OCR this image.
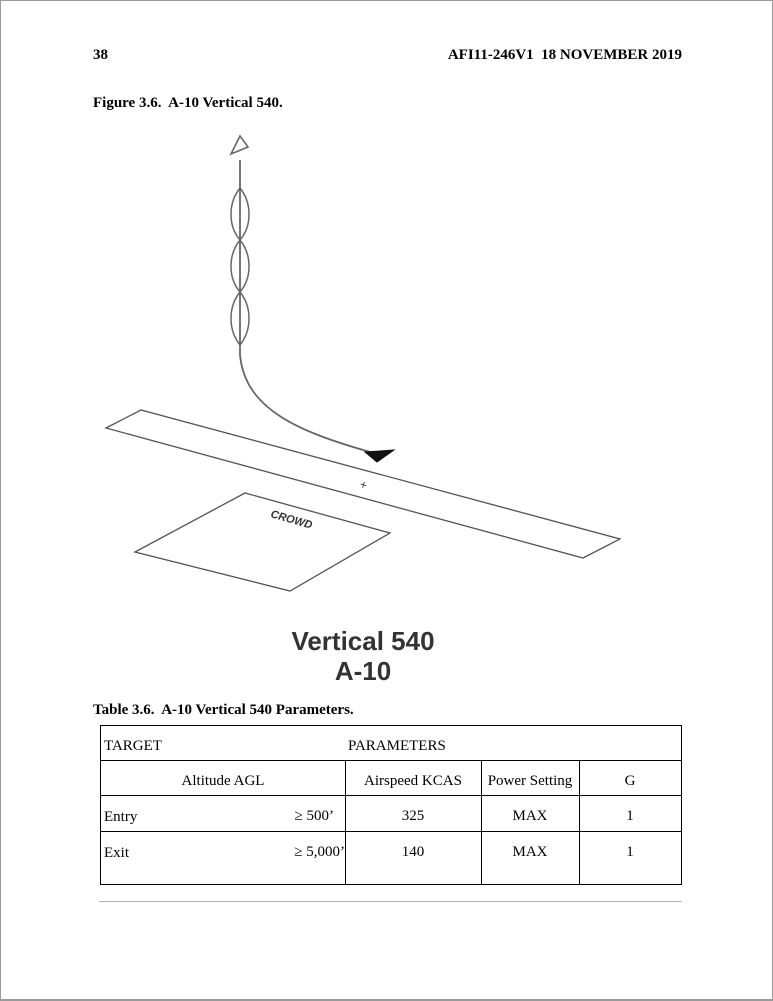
38	AFI11-246V1  18 NOVEMBER 2019
Figure 3.6.  A-10 Vertical 540.
CROWD
+
Vertical 540
A-10
Table 3.6.  A-10 Vertical 540 Parameters.
TARGET	PARAMETERS
Altitude AGL	Airspeed KCAS	Power Setting	G
Entry	≥ 500’	325	MAX	1
Exit	≥ 5,000’	140	MAX	1
